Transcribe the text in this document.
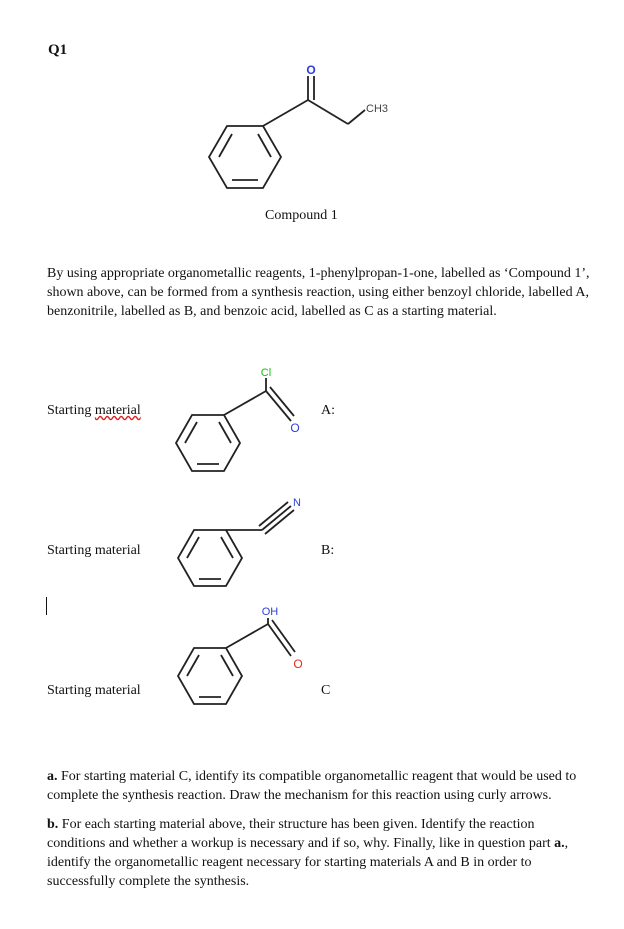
Q1
O
CH3
Compound 1
By using appropriate organometallic reagents, 1-phenylpropan-1-one, labelled as ‘Compound 1’, shown above, can be formed from a synthesis reaction, using either benzoyl chloride, labelled A, benzonitrile, labelled as B, and benzoic acid, labelled as C as a starting material.
Starting material
Cl
O
A:
Starting material
N
B:
Starting material
OH
O
C
a. For starting material C, identify its compatible organometallic reagent that would be used to complete the synthesis reaction. Draw the mechanism for this reaction using curly arrows.
b. For each starting material above, their structure has been given. Identify the reaction conditions and whether a workup is necessary and if so, why. Finally, like in question part a., identify the organometallic reagent necessary for starting materials A and B in order to successfully complete the synthesis.
